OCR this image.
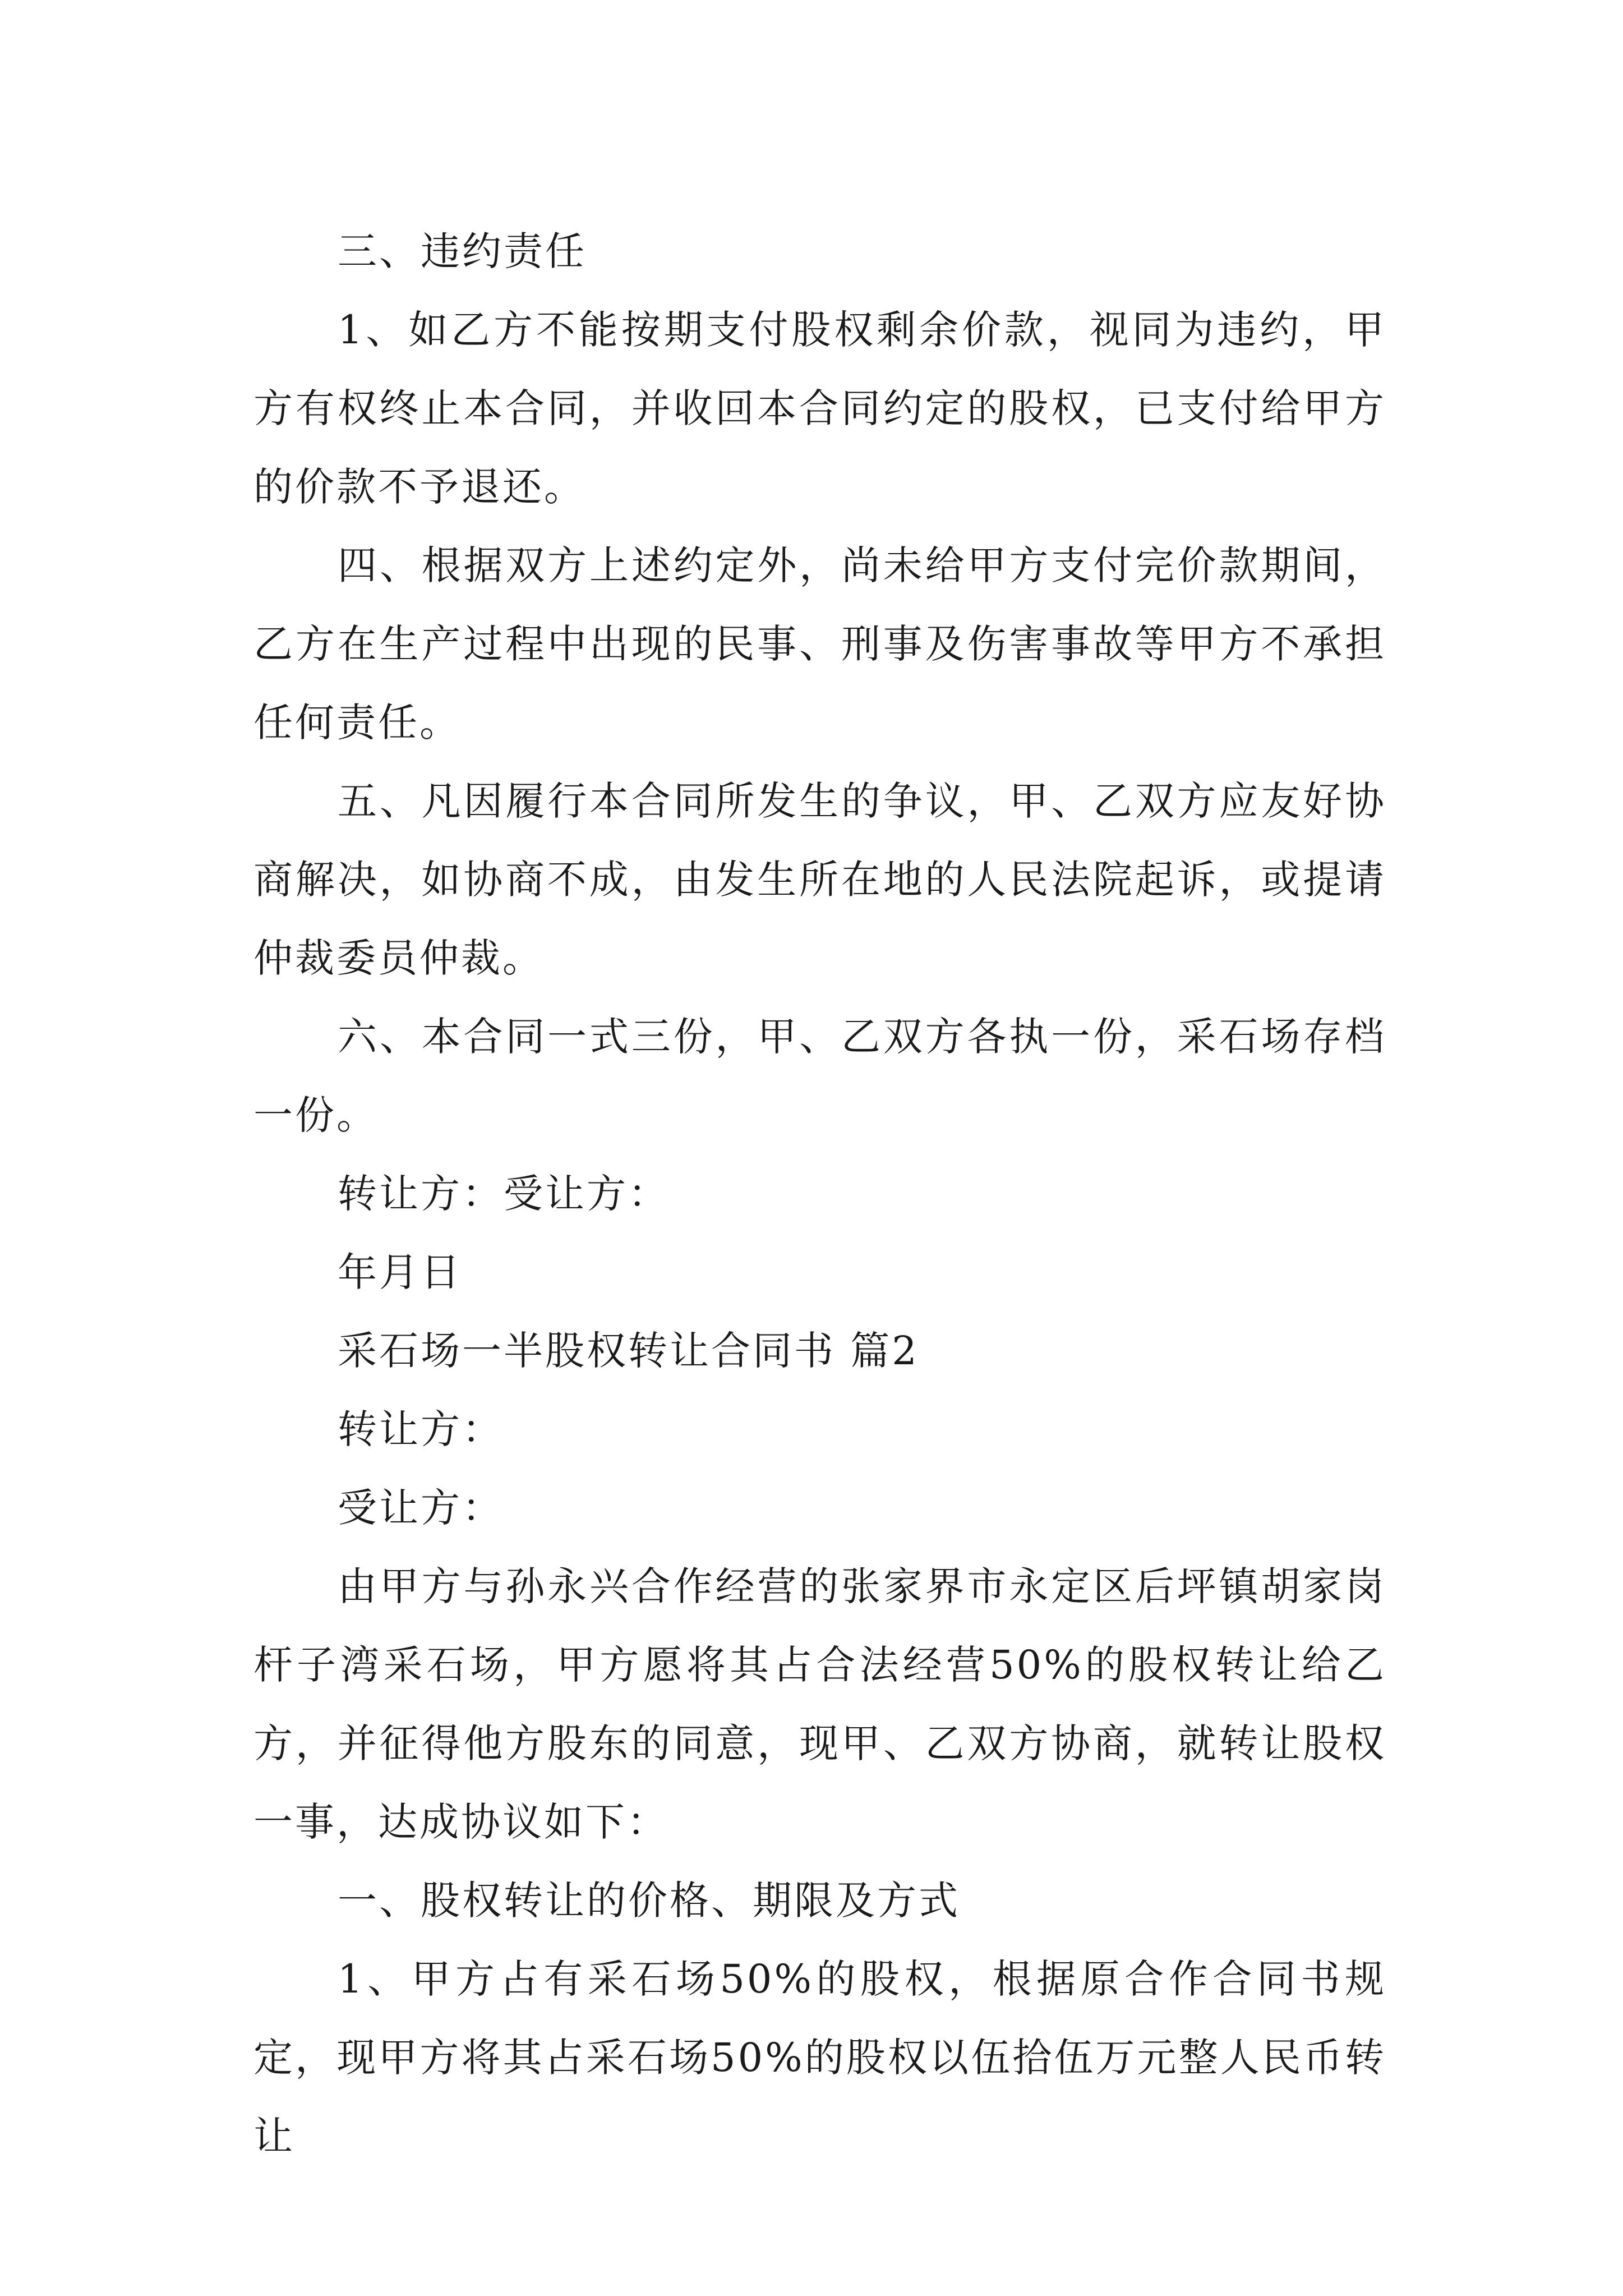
三、违约责任

1、如乙方不能按期支付股权剩余价款，视同为违约，甲方有权终止本合同，并收回本合同约定的股权，已支付给甲方的价款不予退还。

四、根据双方上述约定外，尚未给甲方支付完价款期间，乙方在生产过程中出现的民事、刑事及伤害事故等甲方不承担任何责任。

五、凡因履行本合同所发生的争议，甲、乙双方应友好协商解决，如协商不成，由发生所在地的人民法院起诉，或提请仲裁委员仲裁。

六、本合同一式三份，甲、乙双方各执一份，采石场存档一份。

转让方：受让方：

年月日

采石场一半股权转让合同书 篇2

转让方：

受让方：

由甲方与孙永兴合作经营的张家界市永定区后坪镇胡家岗杆子湾采石场，甲方愿将其占合法经营50%的股权转让给乙方，并征得他方股东的同意，现甲、乙双方协商，就转让股权一事，达成协议如下：

一、股权转让的价格、期限及方式

1、甲方占有采石场50%的股权，根据原合作合同书规定，现甲方将其占采石场50%的股权以伍拾伍万元整人民币转让
